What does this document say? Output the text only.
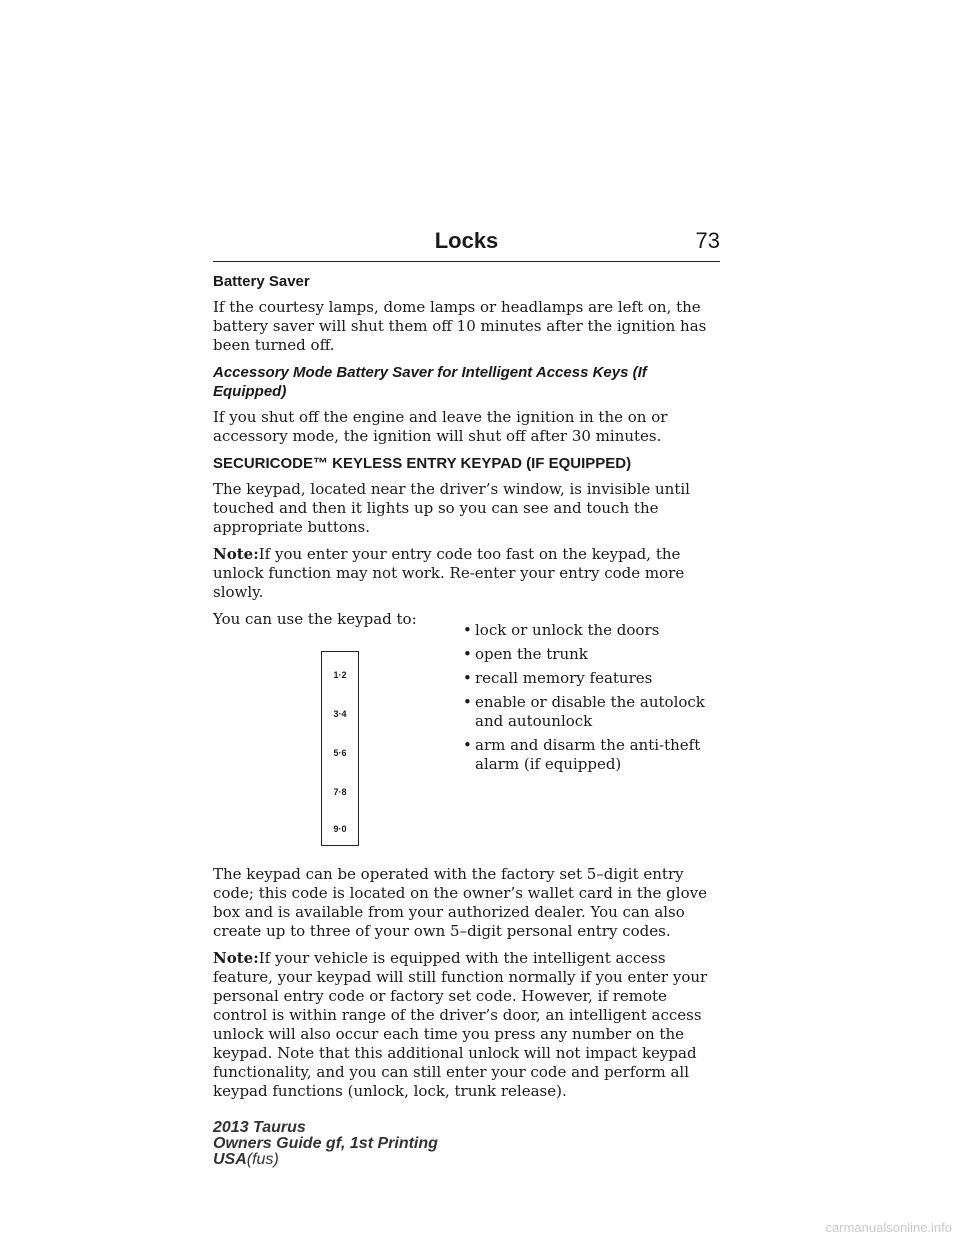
Locks	73
Battery Saver

If the courtesy lamps, dome lamps or headlamps are left on, the battery saver will shut them off 10 minutes after the ignition has been turned off.

Accessory Mode Battery Saver for Intelligent Access Keys (If Equipped)

If you shut off the engine and leave the ignition in the on or accessory mode, the ignition will shut off after 30 minutes.

SECURICODE™ KEYLESS ENTRY KEYPAD (IF EQUIPPED)

The keypad, located near the driver’s window, is invisible until touched and then it lights up so you can see and touch the appropriate buttons.

Note:If you enter your entry code too fast on the keypad, the unlock function may not work. Re-enter your entry code more slowly.

You can use the keypad to:

1·2
3·4
5·6
7·8
9·0
• lock or unlock the doors
• open the trunk
• recall memory features
• enable or disable the autolock and autounlock
• arm and disarm the anti-theft alarm (if equipped)

The keypad can be operated with the factory set 5–digit entry code; this code is located on the owner’s wallet card in the glove box and is available from your authorized dealer. You can also create up to three of your own 5–digit personal entry codes.

Note:If your vehicle is equipped with the intelligent access feature, your keypad will still function normally if you enter your personal entry code or factory set code. However, if remote control is within range of the driver’s door, an intelligent access unlock will also occur each time you press any number on the keypad. Note that this additional unlock will not impact keypad functionality, and you can still enter your code and perform all keypad functions (unlock, lock, trunk release).

2013 Taurus
Owners Guide gf, 1st Printing
USA(fus)
carmanualsonline.info
